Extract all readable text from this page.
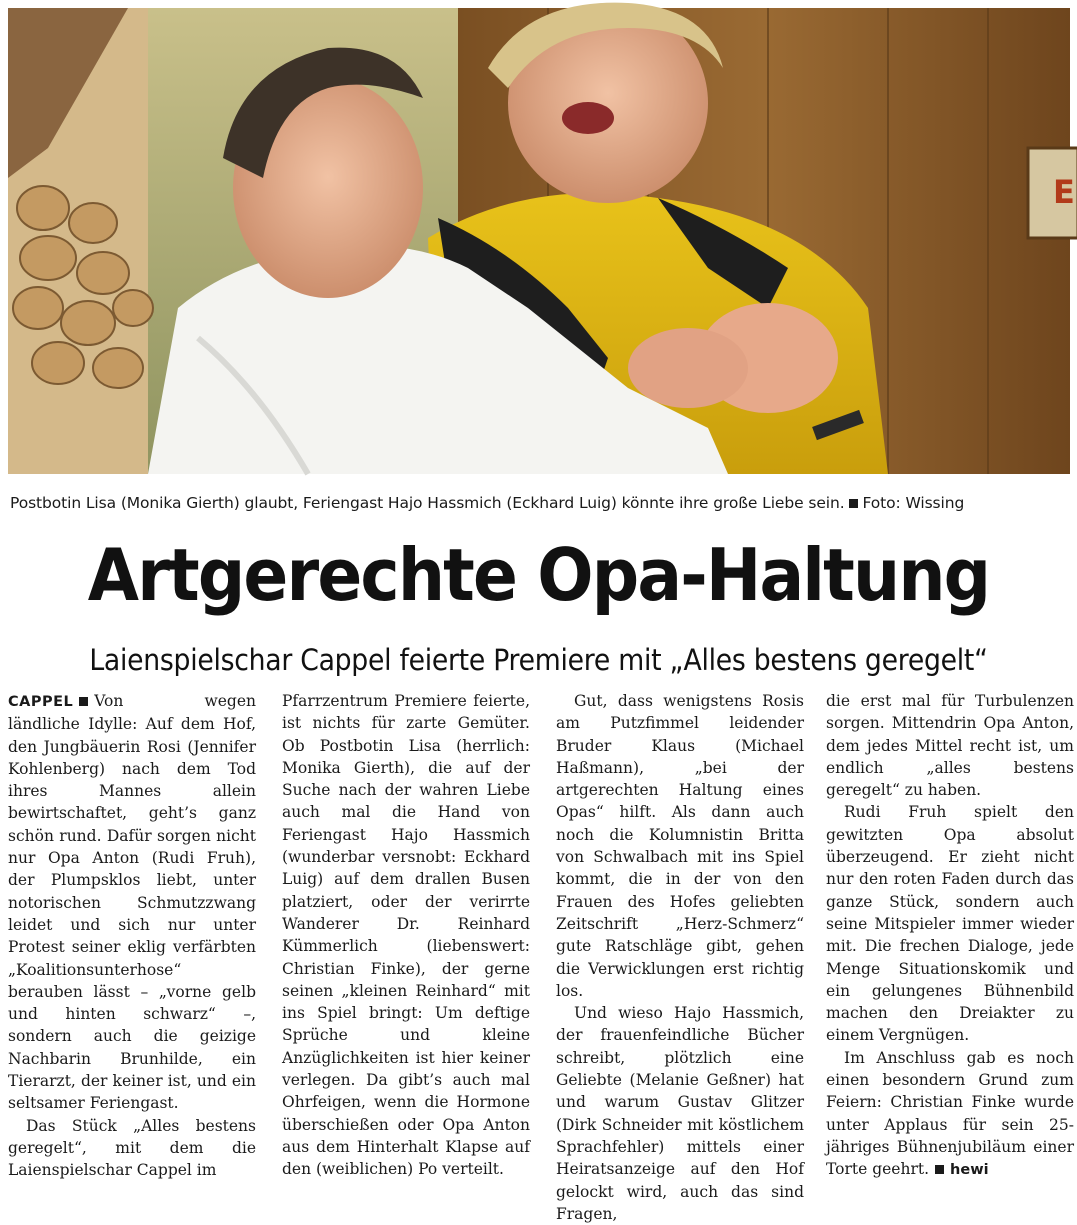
E
Postbotin Lisa (Monika Gierth) glaubt, Feriengast Hajo Hassmich (Eckhard Luig) könnte ihre große Liebe sein. Foto: Wissing
Artgerechte Opa-Haltung
Laienspielschar Cappel feierte Premiere mit „Alles bestens geregelt“

CAPPEL Von wegen ländliche Idylle: Auf dem Hof, den Jungbäuerin Rosi (Jennifer Kohlenberg) nach dem Tod ihres Mannes allein bewirtschaftet, geht’s ganz schön rund. Dafür sorgen nicht nur Opa Anton (Rudi Fruh), der Plumpsklos liebt, unter notorischen Schmutzzwang leidet und sich nur unter Protest seiner eklig verfärbten „Koalitionsunterhose“ berauben lässt – „vorne gelb und hinten schwarz“ –, sondern auch die geizige Nachbarin Brunhilde, ein Tierarzt, der keiner ist, und ein seltsamer Feriengast.

Das Stück „Alles bestens geregelt“, mit dem die Laienspielschar Cappel im

Pfarrzentrum Premiere feierte, ist nichts für zarte Gemüter. Ob Postbotin Lisa (herrlich: Monika Gierth), die auf der Suche nach der wahren Liebe auch mal die Hand von Feriengast Hajo Hassmich (wunderbar versnobt: Eckhard Luig) auf dem drallen Busen platziert, oder der verirrte Wanderer Dr. Reinhard Kümmerlich (liebenswert: Christian Finke), der gerne seinen „kleinen Reinhard“ mit ins Spiel bringt: Um deftige Sprüche und kleine Anzüglichkeiten ist hier keiner verlegen. Da gibt’s auch mal Ohrfeigen, wenn die Hormone überschießen oder Opa Anton aus dem Hinterhalt Klapse auf den (weiblichen) Po verteilt.

Gut, dass wenigstens Rosis am Putzfimmel leidender Bruder Klaus (Michael Haßmann), „bei der artgerechten Haltung eines Opas“ hilft. Als dann auch noch die Kolumnistin Britta von Schwalbach mit ins Spiel kommt, die in der von den Frauen des Hofes geliebten Zeitschrift „Herz-Schmerz“ gute Ratschläge gibt, gehen die Verwicklungen erst richtig los.

Und wieso Hajo Hassmich, der frauenfeindliche Bücher schreibt, plötzlich eine Geliebte (Melanie Geßner) hat und warum Gustav Glitzer (Dirk Schneider mit köstlichem Sprachfehler) mittels einer Heiratsanzeige auf den Hof gelockt wird, auch das sind Fragen,

die erst mal für Turbulenzen sorgen. Mittendrin Opa Anton, dem jedes Mittel recht ist, um endlich „alles bestens geregelt“ zu haben.

Rudi Fruh spielt den gewitzten Opa absolut überzeugend. Er zieht nicht nur den roten Faden durch das ganze Stück, sondern auch seine Mitspieler immer wieder mit. Die frechen Dialoge, jede Menge Situationskomik und ein gelungenes Bühnenbild machen den Dreiakter zu einem Vergnügen.

Im Anschluss gab es noch einen besondern Grund zum Feiern: Christian Finke wurde unter Applaus für sein 25-jähriges Bühnenjubiläum einer Torte geehrt. hewi
